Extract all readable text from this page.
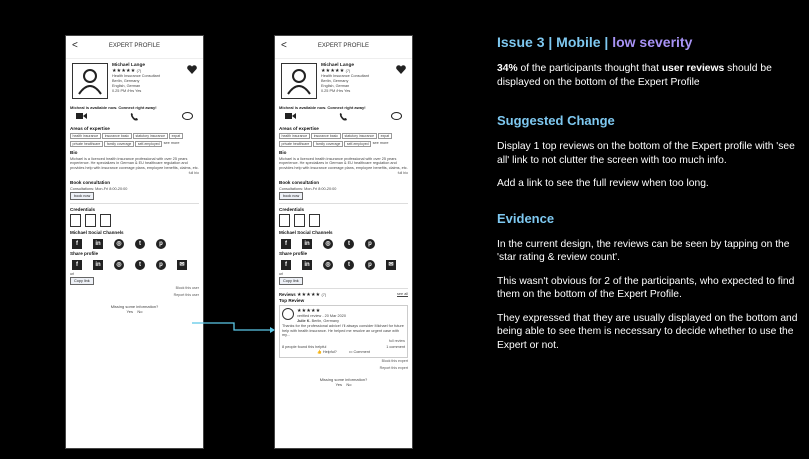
<	EXPERT PROFILE
Michael Lange
★★★★★ (7)
Health Insurance Consultant
Berlin, Germany
English, German
0.25 PM /Hrs Yes
Micheal is available now. Connect right away!
Areas of expertise
health insurance	insurance basic	statutory insurance	expat
private healthcare	family coverage	self-employed	see more
Bio
Michael is a licenced health insurance professional with over 25 years experience. He specializes in German & EU healthcare regulation and provides help with insurance coverage plans, employee benefits, claims, etc.
full bio
Book consultation
Consultations: Mon-Fri 8:00-20:00
book now
Credentials
Michael Social Channels
f	in	◎	t	p
Share profile
f	in	◎	t	p	✉
url
Copy link
Block this user
Report this user
Missing some information?
Yes No
<	EXPERT PROFILE
Michael Lange
★★★★★ (7)
Health Insurance Consultant
Berlin, Germany
English, German
0.25 PM /Hrs Yes
Micheal is available now. Connect right away!
Areas of expertise
health insurance	insurance basic	statutory insurance	expat
private healthcare	family coverage	self-employed	see more
Bio
Michael is a licenced health insurance professional with over 25 years experience. He specializes in German & EU healthcare regulation and provides help with insurance coverage plans, employee benefits, claims, etc.
full bio
Book consultation
Consultations: Mon-Fri 8:00-20:00
book now
Credentials
Michael Social Channels
f	in	◎	t	p
Share profile
f	in	◎	t	p	✉
url
Copy link
Reviews ★★★★★ (7)	see all
Top Review
★★★★★
verified review - 20 Mar 2020
Julie K. Berlin, Germany
Thanks for the professional advice! I'll always consider Michael for future help with health insurance. He helped me resolve an urgent case with my...
full review
8 people found this helpful	1 comment
👍 Helpful?	▭ Comment
Block this expert
Report this expert
Missing some information?
Yes No
Issue 3 | Mobile | low severity

34% of the participants thought that user reviews should be displayed on the bottom of the Expert Profile

Suggested Change

Display 1 top reviews on the bottom of the Expert profile with 'see all' link to not clutter the screen with too much info.

Add a link to see the full review when too long.

Evidence

In the current design, the reviews can be seen by tapping on the 'star rating & review count'.

This wasn't obvious for 2 of the participants, who expected to find them on the bottom of the Expert Profile.

They expressed that they are usually displayed on the bottom and being able to see them is necessary to decide whether to use the Expert or not.
